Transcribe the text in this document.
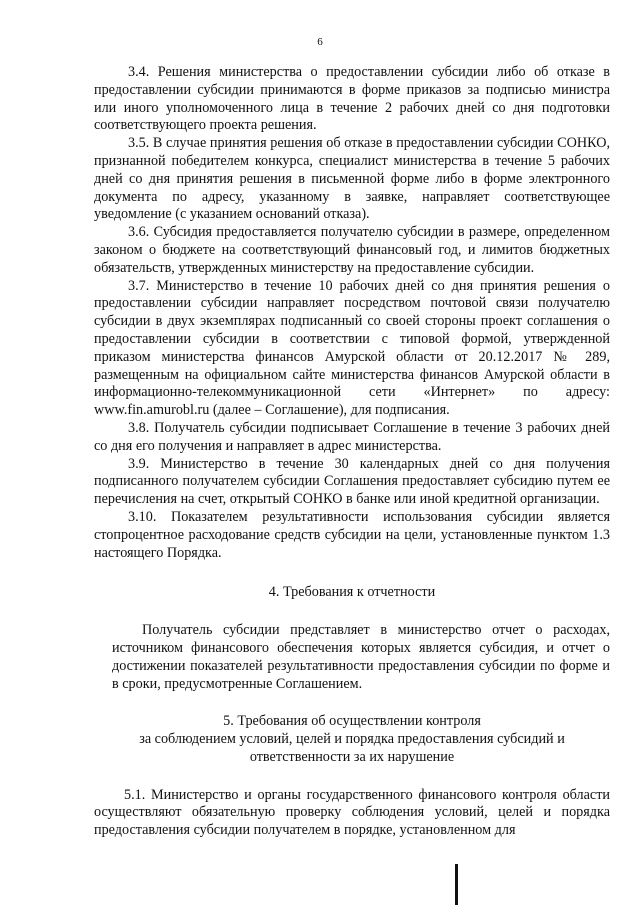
6

3.4. Решения министерства о предоставлении субсидии либо об отказе в предоставлении субсидии принимаются в форме приказов за подписью министра или иного уполномоченного лица в течение 2 рабочих дней со дня подготовки соответствующего проекта решения.

3.5. В случае принятия решения об отказе в предоставлении субсидии СОНКО, признанной победителем конкурса, специалист министерства в течение 5 рабочих дней со дня принятия решения в письменной форме либо в форме электронного документа по адресу, указанному в заявке, направляет соответствующее уведомление (с указанием оснований отказа).

3.6. Субсидия предоставляется получателю субсидии в размере, определенном законом о бюджете на соответствующий финансовый год, и лимитов бюджетных обязательств, утвержденных министерству на предоставление субсидии.

3.7. Министерство в течение 10 рабочих дней со дня принятия решения о предоставлении субсидии направляет посредством почтовой связи получателю субсидии в двух экземплярах подписанный со своей стороны проект соглашения о предоставлении субсидии в соответствии с типовой формой, утвержденной приказом министерства финансов Амурской области от 20.12.2017 № 289, размещенным на официальном сайте министерства финансов Амурской области в информационно-телекоммуникационной сети «Интернет» по адресу: www.fin.amurobl.ru (далее – Соглашение), для подписания.

3.8. Получатель субсидии подписывает Соглашение в течение 3 рабочих дней со дня его получения и направляет в адрес министерства.

3.9. Министерство в течение 30 календарных дней со дня получения подписанного получателем субсидии Соглашения предоставляет субсидию путем ее перечисления на счет, открытый СОНКО в банке или иной кредитной организации.

3.10. Показателем результативности использования субсидии является стопроцентное расходование средств субсидии на цели, установленные пунктом 1.3 настоящего Порядка.

4. Требования к отчетности

Получатель субсидии представляет в министерство отчет о расходах, источником финансового обеспечения которых является субсидия, и отчет о достижении показателей результативности предоставления субсидии по форме и в сроки, предусмотренные Соглашением.

5. Требования об осуществлении контроля
за соблюдением условий, целей и порядка предоставления субсидий и
ответственности за их нарушение

5.1. Министерство и органы государственного финансового контроля области осуществляют обязательную проверку соблюдения условий, целей и порядка предоставления субсидии получателем в порядке, установленном для
